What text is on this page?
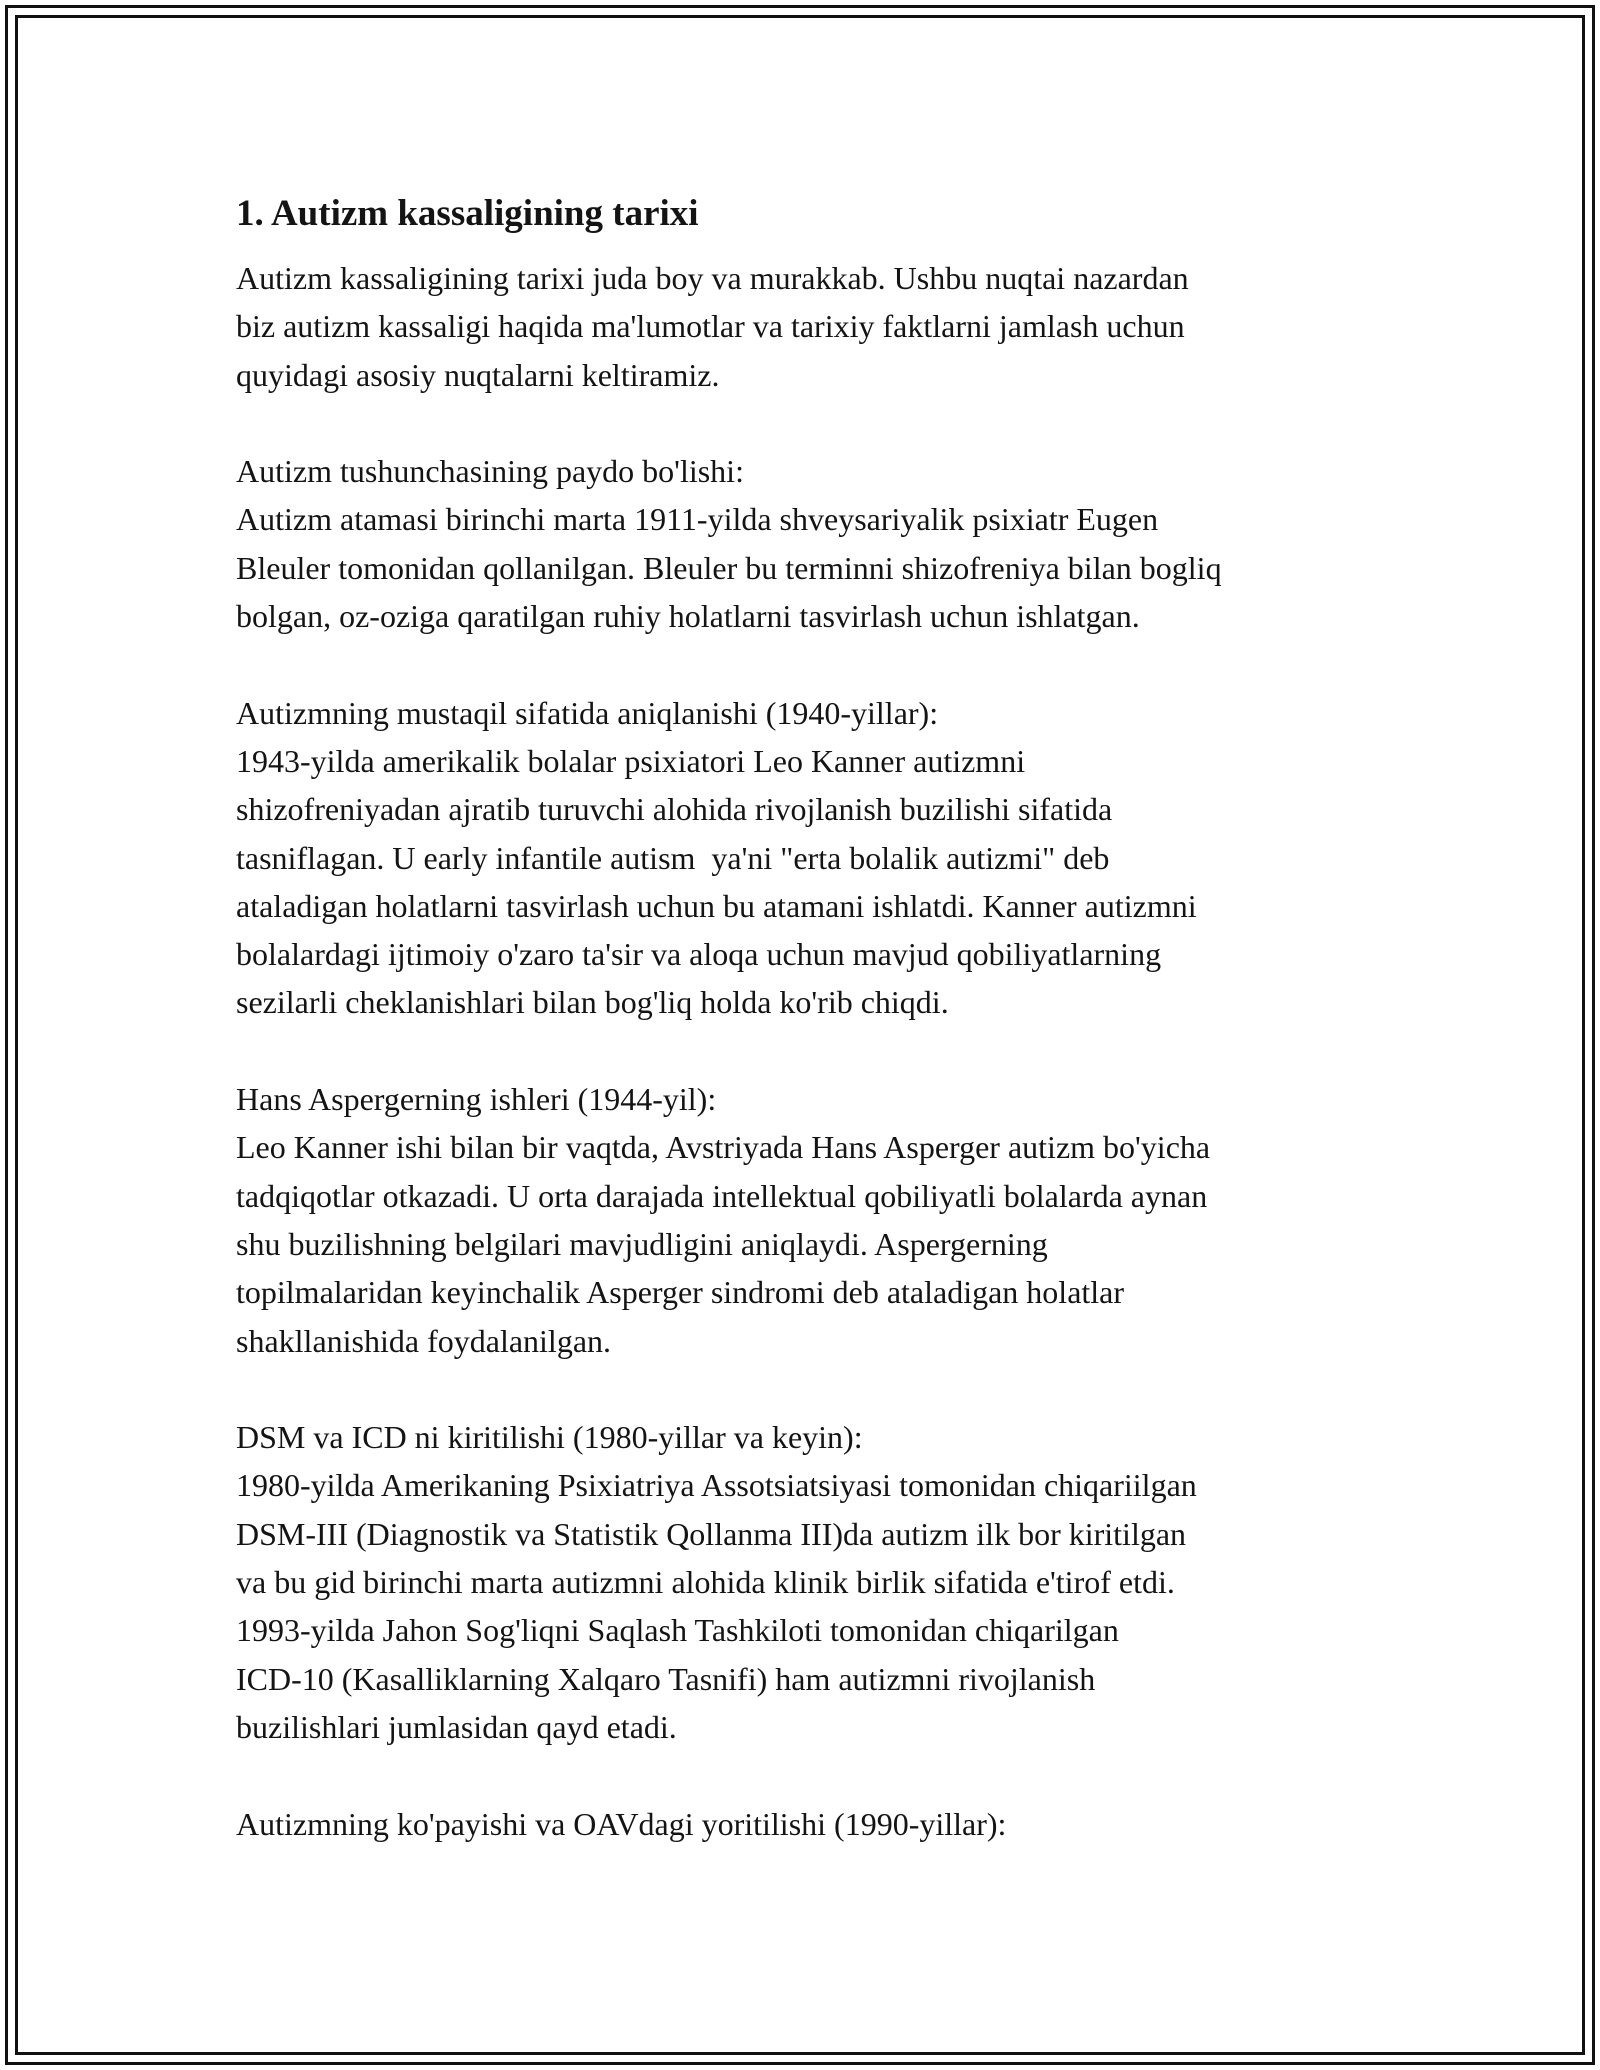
1. Autizm kassaligining tarixi
Autizm kassaligining tarixi juda boy va murakkab. Ushbu nuqtai nazardan
biz autizm kassaligi haqida ma'lumotlar va tarixiy faktlarni jamlash uchun
quyidagi asosiy nuqtalarni keltiramiz.
Autizm tushunchasining paydo bo'lishi:
Autizm atamasi birinchi marta 1911-yilda shveysariyalik psixiatr Eugen
Bleuler tomonidan qollanilgan. Bleuler bu terminni shizofreniya bilan bogliq
bolgan, oz-oziga qaratilgan ruhiy holatlarni tasvirlash uchun ishlatgan.
Autizmning mustaqil sifatida aniqlanishi (1940-yillar):
1943-yilda amerikalik bolalar psixiatori Leo Kanner autizmni
shizofreniyadan ajratib turuvchi alohida rivojlanish buzilishi sifatida
tasniflagan. U early infantile autism  ya'ni "erta bolalik autizmi" deb
ataladigan holatlarni tasvirlash uchun bu atamani ishlatdi. Kanner autizmni
bolalardagi ijtimoiy o'zaro ta'sir va aloqa uchun mavjud qobiliyatlarning
sezilarli cheklanishlari bilan bog'liq holda ko'rib chiqdi.
Hans Aspergerning ishleri (1944-yil):
Leo Kanner ishi bilan bir vaqtda, Avstriyada Hans Asperger autizm bo'yicha
tadqiqotlar otkazadi. U orta darajada intellektual qobiliyatli bolalarda aynan
shu buzilishning belgilari mavjudligini aniqlaydi. Aspergerning
topilmalaridan keyinchalik Asperger sindromi deb ataladigan holatlar
shakllanishida foydalanilgan.
DSM va ICD ni kiritilishi (1980-yillar va keyin):
1980-yilda Amerikaning Psixiatriya Assotsiatsiyasi tomonidan chiqariilgan
DSM-III (Diagnostik va Statistik Qollanma III)da autizm ilk bor kiritilgan
va bu gid birinchi marta autizmni alohida klinik birlik sifatida e'tirof etdi.
1993-yilda Jahon Sog'liqni Saqlash Tashkiloti tomonidan chiqarilgan
ICD-10 (Kasalliklarning Xalqaro Tasnifi) ham autizmni rivojlanish
buzilishlari jumlasidan qayd etadi.
Autizmning ko'payishi va OAVdagi yoritilishi (1990-yillar):
